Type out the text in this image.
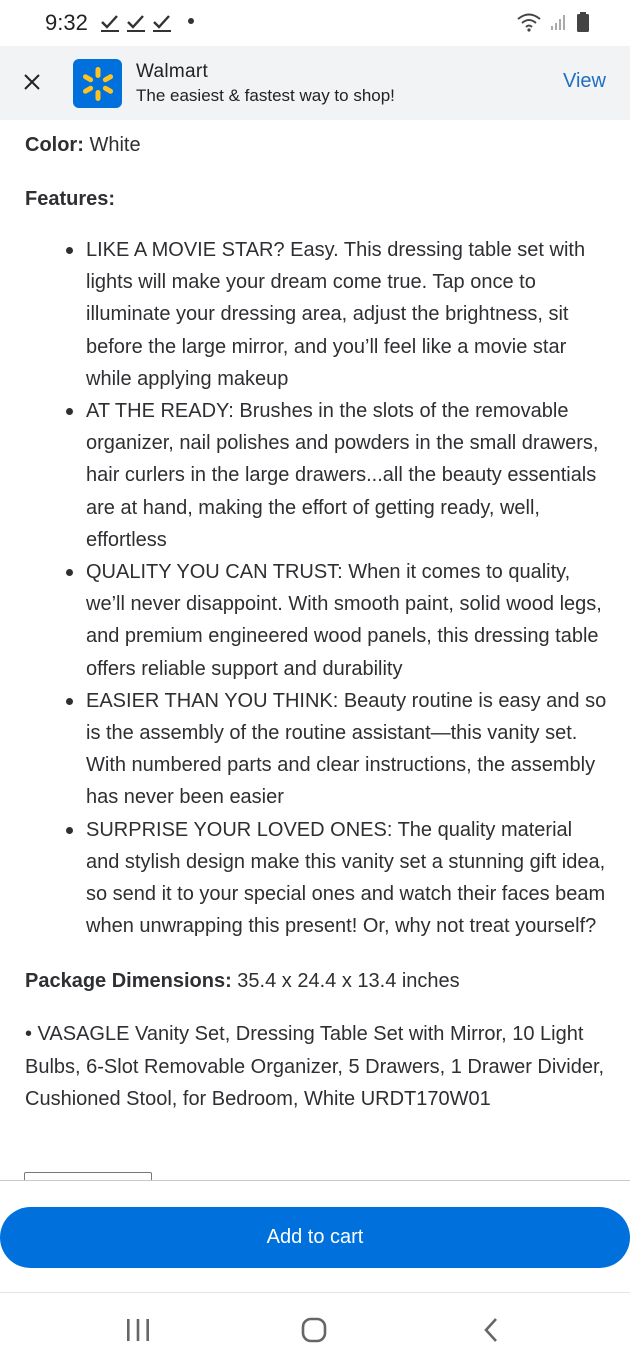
9:32
Walmart
The easiest & fastest way to shop!
View
Color: White
Features:
LIKE A MOVIE STAR? Easy. This dressing table set with lights will make your dream come true. Tap once to illuminate your dressing area, adjust the brightness, sit before the large mirror, and you’ll feel like a movie star while applying makeup
AT THE READY: Brushes in the slots of the removable organizer, nail polishes and powders in the small drawers, hair curlers in the large drawers...all the beauty essentials are at hand, making the effort of getting ready, well, effortless
QUALITY YOU CAN TRUST: When it comes to quality, we’ll never disappoint. With smooth paint, solid wood legs, and premium engineered wood panels, this dressing table offers reliable support and durability
EASIER THAN YOU THINK: Beauty routine is easy and so is the assembly of the routine assistant—this vanity set. With numbered parts and clear instructions, the assembly has never been easier
SURPRISE YOUR LOVED ONES: The quality material and stylish design make this vanity set a stunning gift idea, so send it to your special ones and watch their faces beam when unwrapping this present! Or, why not treat yourself?
Package Dimensions: 35.4 x 24.4 x 13.4 inches
• VASAGLE Vanity Set, Dressing Table Set with Mirror, 10 Light Bulbs, 6-Slot Removable Organizer, 5 Drawers, 1 Drawer Divider, Cushioned Stool, for Bedroom, White URDT170W01
Add to cart
